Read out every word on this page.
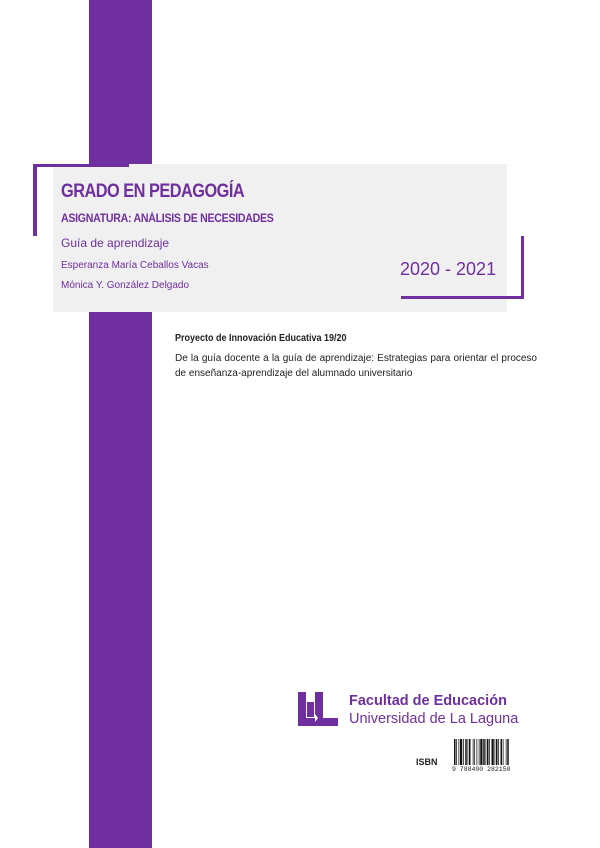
GRADO EN PEDAGOGÍA
ASIGNATURA: ANÁLISIS DE NECESIDADES
Guía de aprendizaje
Esperanza María Ceballos Vacas
Mónica Y. González Delgado
2020 - 2021
Proyecto de Innovación Educativa 19/20
De la guía docente a la guía de aprendizaje: Estrategias para orientar el proceso de enseñanza-aprendizaje del alumnado universitario
Facultad de Educación
Universidad de La Laguna
ISBN
9 788400 282150
